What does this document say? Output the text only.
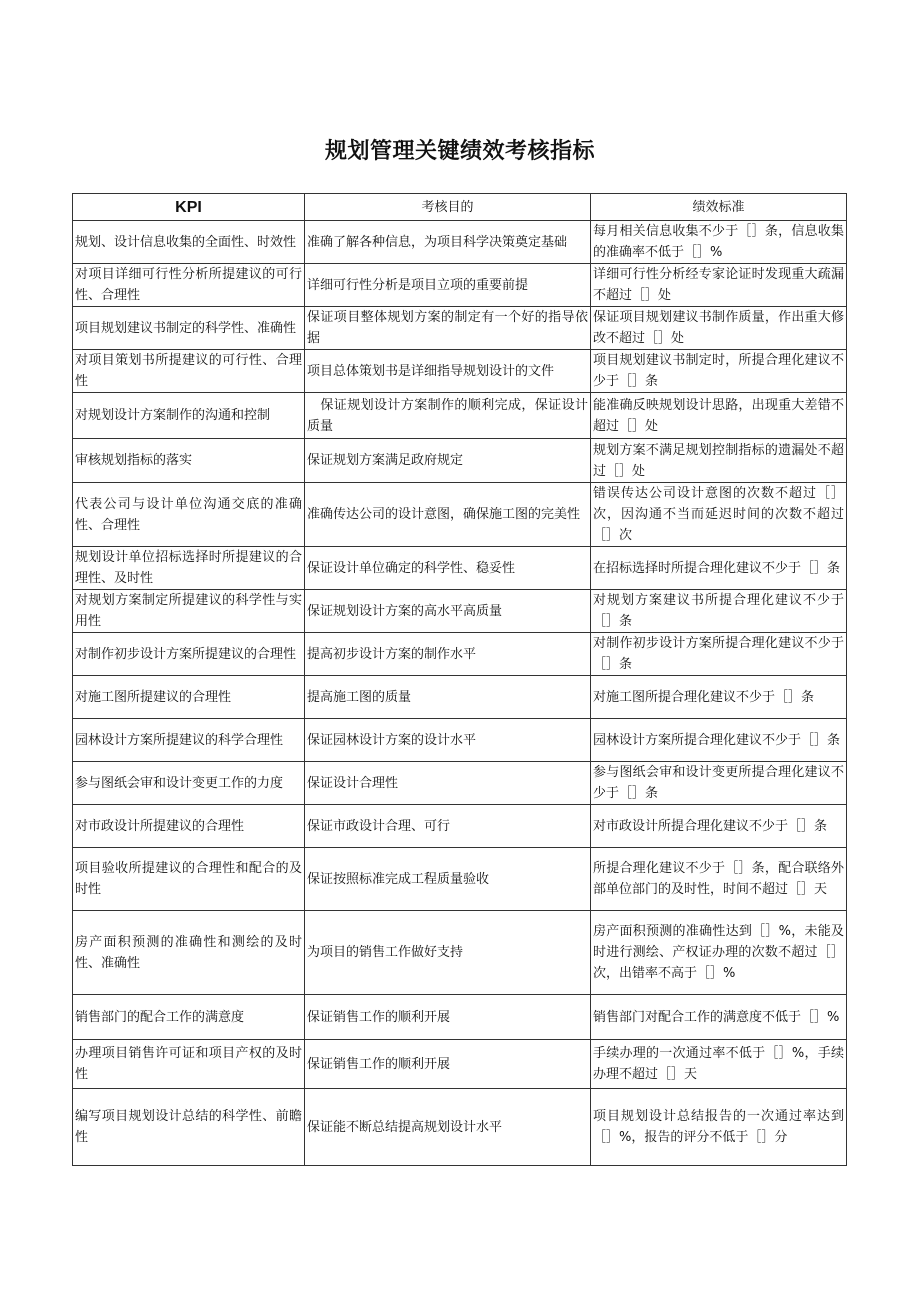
规划管理关键绩效考核指标
KPI	考核目的	绩效标准
规划、设计信息收集的全面性、时效性	准确了解各种信息，为项目科学决策奠定基础	每月相关信息收集不少于［］条，信息收集的准确率不低于［］%
对项目详细可行性分析所提建议的可行性、合理性	详细可行性分析是项目立项的重要前提	详细可行性分析经专家论证时发现重大疏漏不超过［］处
项目规划建议书制定的科学性、准确性	保证项目整体规划方案的制定有一个好的指导依据	保证项目规划建议书制作质量，作出重大修改不超过［］处
对项目策划书所提建议的可行性、合理性	项目总体策划书是详细指导规划设计的文件	项目规划建议书制定时，所提合理化建议不少于［］条
对规划设计方案制作的沟通和控制	　保证规划设计方案制作的顺利完成，保证设计质量	能准确反映规划设计思路，出现重大差错不超过［］处
审核规划指标的落实	保证规划方案满足政府规定	规划方案不满足规划控制指标的遗漏处不超过［］处
代表公司与设计单位沟通交底的准确性、合理性	准确传达公司的设计意图，确保施工图的完美性	错误传达公司设计意图的次数不超过［］次，因沟通不当而延迟时间的次数不超过［］次
规划设计单位招标选择时所提建议的合理性、及时性	保证设计单位确定的科学性、稳妥性	在招标选择时所提合理化建议不少于［］条
对规划方案制定所提建议的科学性与实用性	保证规划设计方案的高水平高质量	对规划方案建议书所提合理化建议不少于［］条
对制作初步设计方案所提建议的合理性	提高初步设计方案的制作水平	对制作初步设计方案所提合理化建议不少于［］条
对施工图所提建议的合理性	提高施工图的质量	对施工图所提合理化建议不少于［］条
园林设计方案所提建议的科学合理性	保证园林设计方案的设计水平	园林设计方案所提合理化建议不少于［］条
参与图纸会审和设计变更工作的力度	保证设计合理性	参与图纸会审和设计变更所提合理化建议不少于［］条
对市政设计所提建议的合理性	保证市政设计合理、可行	对市政设计所提合理化建议不少于［］条
项目验收所提建议的合理性和配合的及时性	保证按照标准完成工程质量验收	所提合理化建议不少于［］条，配合联络外部单位部门的及时性，时间不超过［］天
房产面积预测的准确性和测绘的及时性、准确性	为项目的销售工作做好支持	房产面积预测的准确性达到［］%，未能及时进行测绘、产权证办理的次数不超过［］次，出错率不高于［］%
销售部门的配合工作的满意度	保证销售工作的顺利开展	销售部门对配合工作的满意度不低于［］%
办理项目销售许可证和项目产权的及时性	保证销售工作的顺利开展	手续办理的一次通过率不低于［］%，手续办理不超过［］天
编写项目规划设计总结的科学性、前瞻性	保证能不断总结提高规划设计水平	项目规划设计总结报告的一次通过率达到［］%，报告的评分不低于［］分
